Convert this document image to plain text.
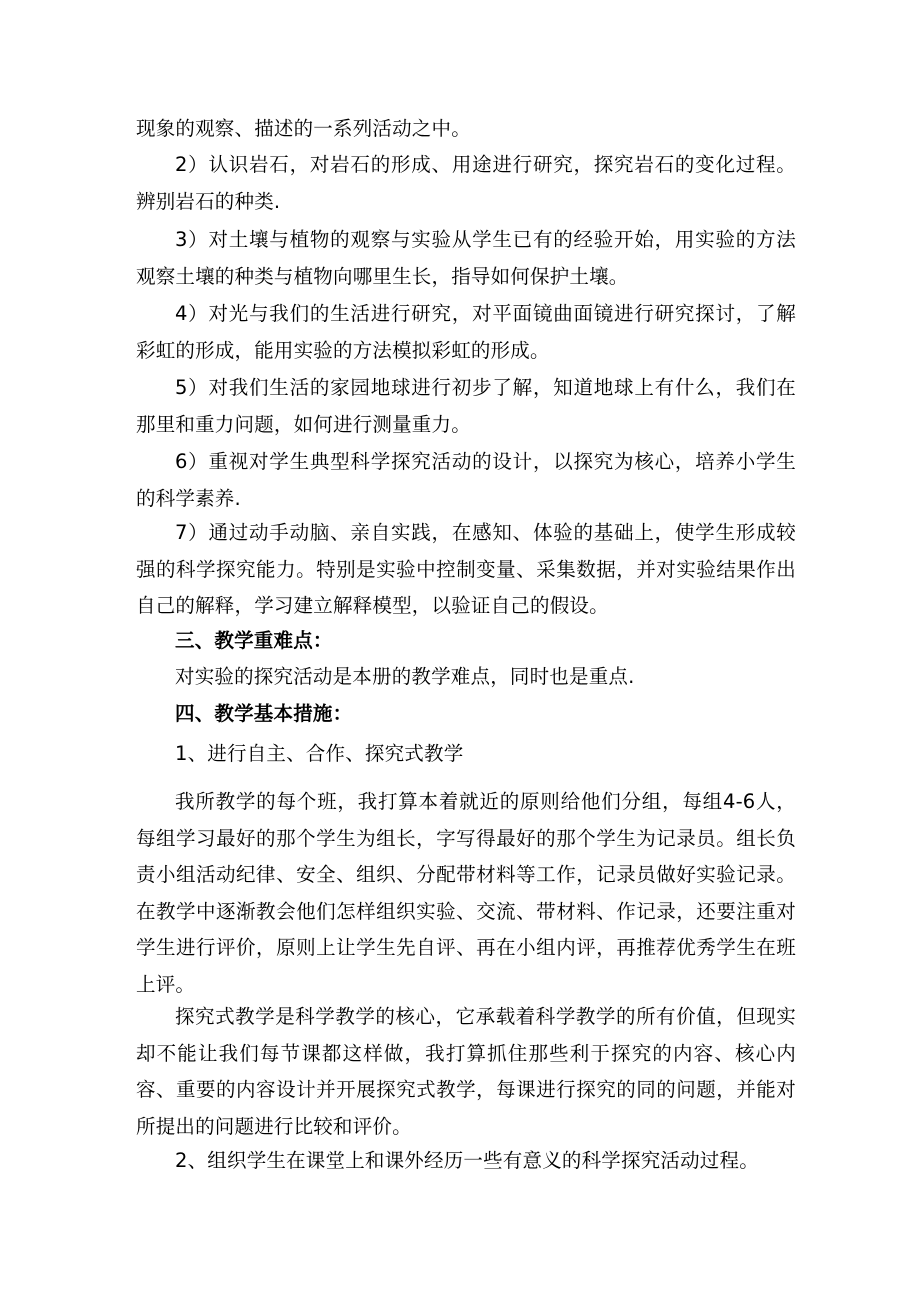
现象的观察、描述的一系列活动之中。

2）认识岩石，对岩石的形成、用途进行研究，探究岩石的变化过程。辨别岩石的种类.

3）对土壤与植物的观察与实验从学生已有的经验开始，用实验的方法观察土壤的种类与植物向哪里生长，指导如何保护土壤。

4）对光与我们的生活进行研究，对平面镜曲面镜进行研究探讨，了解彩虹的形成，能用实验的方法模拟彩虹的形成。

5）对我们生活的家园地球进行初步了解，知道地球上有什么，我们在那里和重力问题，如何进行测量重力。

6）重视对学生典型科学探究活动的设计，以探究为核心，培养小学生的科学素养.

7）通过动手动脑、亲自实践，在感知、体验的基础上，使学生形成较强的科学探究能力。特别是实验中控制变量、采集数据，并对实验结果作出自己的解释，学习建立解释模型，以验证自己的假设。

三、教学重难点：

对实验的探究活动是本册的教学难点，同时也是重点.

四、教学基本措施：

1、进行自主、合作、探究式教学

我所教学的每个班，我打算本着就近的原则给他们分组，每组4-6人，每组学习最好的那个学生为组长，字写得最好的那个学生为记录员。组长负责小组活动纪律、安全、组织、分配带材料等工作，记录员做好实验记录。在教学中逐渐教会他们怎样组织实验、交流、带材料、作记录，还要注重对学生进行评价，原则上让学生先自评、再在小组内评，再推荐优秀学生在班上评。

探究式教学是科学教学的核心，它承载着科学教学的所有价值，但现实却不能让我们每节课都这样做，我打算抓住那些利于探究的内容、核心内容、重要的内容设计并开展探究式教学，每课进行探究的同的问题，并能对所提出的问题进行比较和评价。

2、组织学生在课堂上和课外经历一些有意义的科学探究活动过程。
